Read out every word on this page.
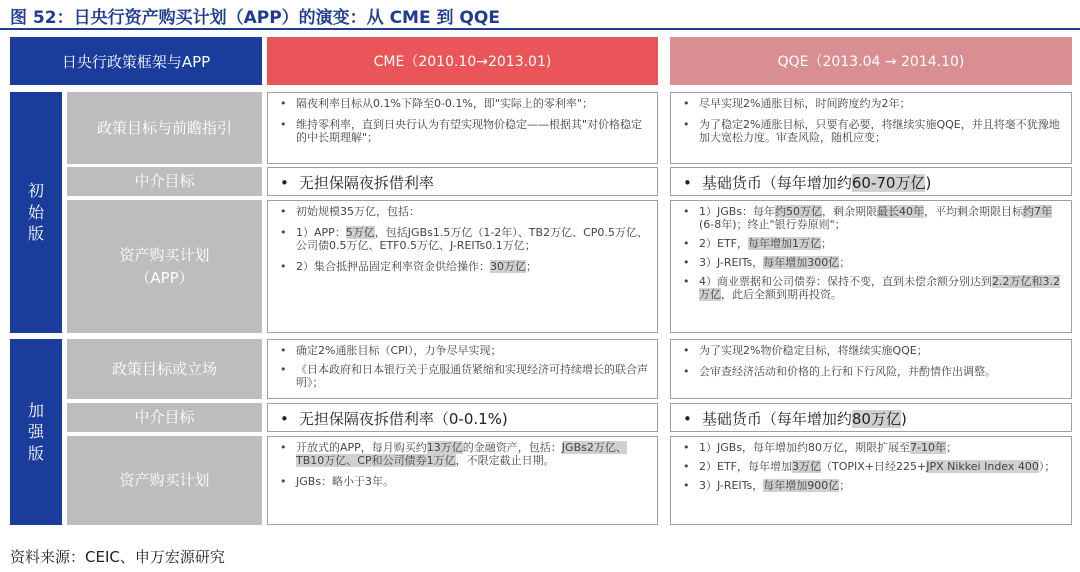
图 52：日央行资产购买计划（APP）的演变：从 CME 到 QQE
日央行政策框架与APP	CME（2010.10→2013.01)	QQE（2013.04 → 2014.10)
初始版
加强版
政策目标与前瞻指引
中介目标
资产购买计划（APP）
政策目标或立场
中介目标
资产购买计划
• 隔夜利率目标从0.1%下降至0-0.1%，即"实际上的零利率"；
• 维持零利率，直到日央行认为有望实现物价稳定——根据其"对价格稳定的中长期理解"；
• 无担保隔夜拆借利率
• 初始规模35万亿，包括：
• 1）APP：5万亿，包括JGBs1.5万亿（1-2年）、TB2万亿、CP0.5万亿、公司债0.5万亿、ETF0.5万亿、J-REITs0.1万亿；
• 2）集合抵押品固定利率资金供给操作：30万亿；
• 确定2%通胀目标（CPI），力争尽早实现；
• 《日本政府和日本银行关于克服通货紧缩和实现经济可持续增长的联合声明》；
• 无担保隔夜拆借利率（0-0.1%)
• 开放式的APP，每月购买约13万亿的金融资产，包括：JGBs2万亿、TB10万亿、CP和公司债券1万亿，不限定截止日期。
• JGBs：略小于3年。
• 尽早实现2%通胀目标，时间跨度约为2年；
• 为了稳定2%通胀目标，只要有必要，将继续实施QQE，并且将毫不犹豫地加大宽松力度。审查风险，随机应变；
• 基础货币（每年增加约60-70万亿)
• 1）JGBs：每年约50万亿，剩余期限最长40年，平均剩余期限目标约7年(6-8年)；终止"银行券原则"；
• 2）ETF，每年增加1万亿；
• 3）J-REITs，每年增加300亿；
• 4）商业票据和公司债券：保持不变，直到未偿余额分别达到2.2万亿和3.2万亿，此后全额到期再投资。
• 为了实现2%物价稳定目标，将继续实施QQE；
• 会审查经济活动和价格的上行和下行风险，并酌情作出调整。
• 基础货币（每年增加约80万亿)
• 1）JGBs，每年增加约80万亿，期限扩展至7-10年；
• 2）ETF，每年增加3万亿（TOPIX+日经225+JPX Nikkei Index 400）；
• 3）J-REITs，每年增加900亿；
资料来源：CEIC、申万宏源研究
